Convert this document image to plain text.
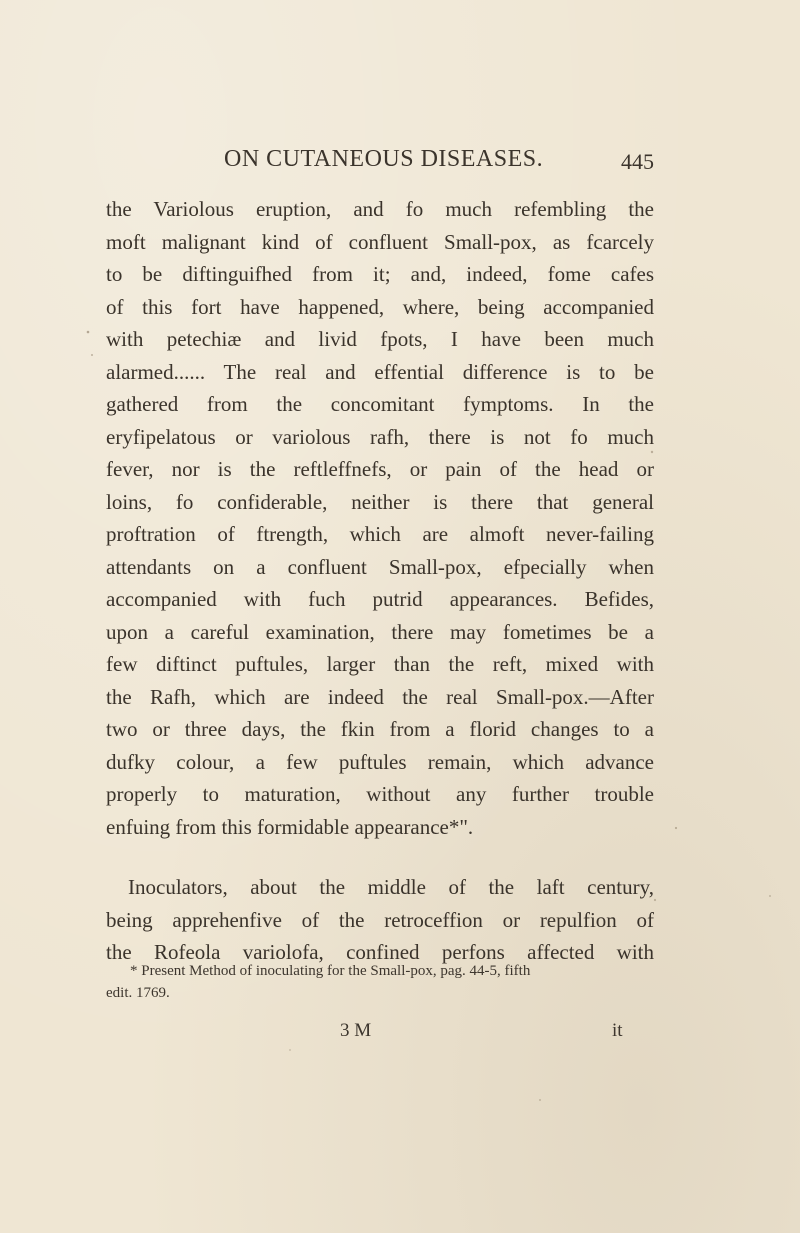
ON CUTANEOUS DISEASES.	445
the Variolous eruption, and fo much refembling the
moft malignant kind of confluent Small-pox, as fcarcely
to be diftinguifhed from it; and, indeed, fome cafes
of this fort have happened, where, being accompanied
with petechiæ and livid fpots, I have been much
alarmed...... The real and effential difference is to be
gathered from the concomitant fymptoms. In the
eryfipelatous or variolous rafh, there is not fo much
fever, nor is the reftleffnefs, or pain of the head or
loins, fo confiderable, neither is there that general
proftration of ftrength, which are almoft never-failing
attendants on a confluent Small-pox, efpecially when
accompanied with fuch putrid appearances. Befides,
upon a careful examination, there may fometimes be a
few diftinct puftules, larger than the reft, mixed with
the Rafh, which are indeed the real Small-pox.—After
two or three days, the fkin from a florid changes to a
dufky colour, a few puftules remain, which advance
properly to maturation, without any further trouble
enfuing from this formidable appearance*".
Inoculators, about the middle of the laft century,
being apprehenfive of the retroceffion or repulfion of
the Rofeola variolofa, confined perfons affected with
* Present Method of inoculating for the Small-pox, pag. 44-5, fifth
edit. 1769.
3 M	it
